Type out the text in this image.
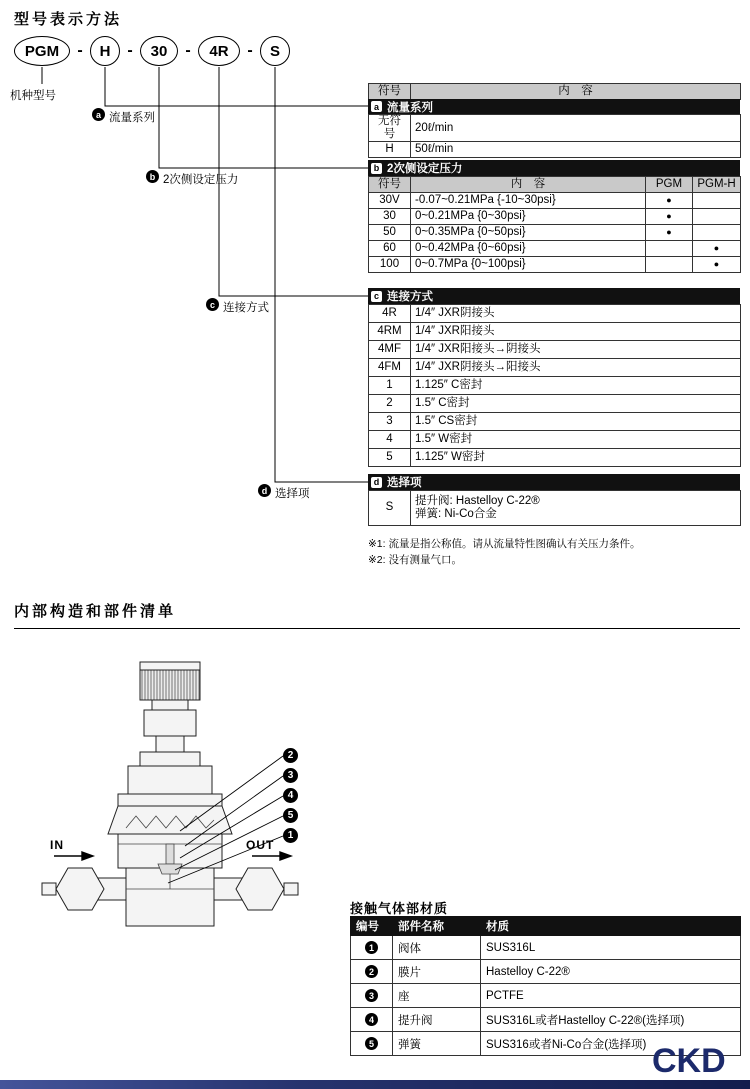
型号表示方法
PGM - H - 30 - 4R - S
机种型号
a 流量系列
b 2次侧设定压力
c 连接方式
d 选择项
符号	内　容
a 流量系列
无符号	20ℓ/min
H	50ℓ/min
b 2次侧设定压力
符号	内　容	PGM	PGM-H
30V	-0.07~0.21MPa {-10~30psi}	●	
30	0~0.21MPa {0~30psi}	●	
50	0~0.35MPa {0~50psi}	●	
60	0~0.42MPa {0~60psi}		●
100	0~0.7MPa {0~100psi}		●
c 连接方式
4R	1/4″ JXR阴接头
4RM	1/4″ JXR阳接头
4MF	1/4″ JXR阳接头→阴接头
4FM	1/4″ JXR阴接头→阳接头
1	1.125″ C密封
2	1.5″ C密封
3	1.5″ CS密封
4	1.5″ W密封
5	1.125″ W密封
d 选择项
S	
提升阀: Hastelloy C-22®
弹簧: Ni-Co合金
※1: 流量是指公称值。请从流量特性图确认有关压力条件。
※2: 没有测量气口。
内部构造和部件清单
IN	OUT
2
3
4
5
1
接触气体部材质
编号	部件名称	材质
1	阀体	SUS316L
2	膜片	Hastelloy C-22®
3	座	PCTFE
4	提升阀	SUS316L或者Hastelloy C-22®(选择项)
5	弹簧	SUS316或者Ni-Co合金(选择项) CKD
